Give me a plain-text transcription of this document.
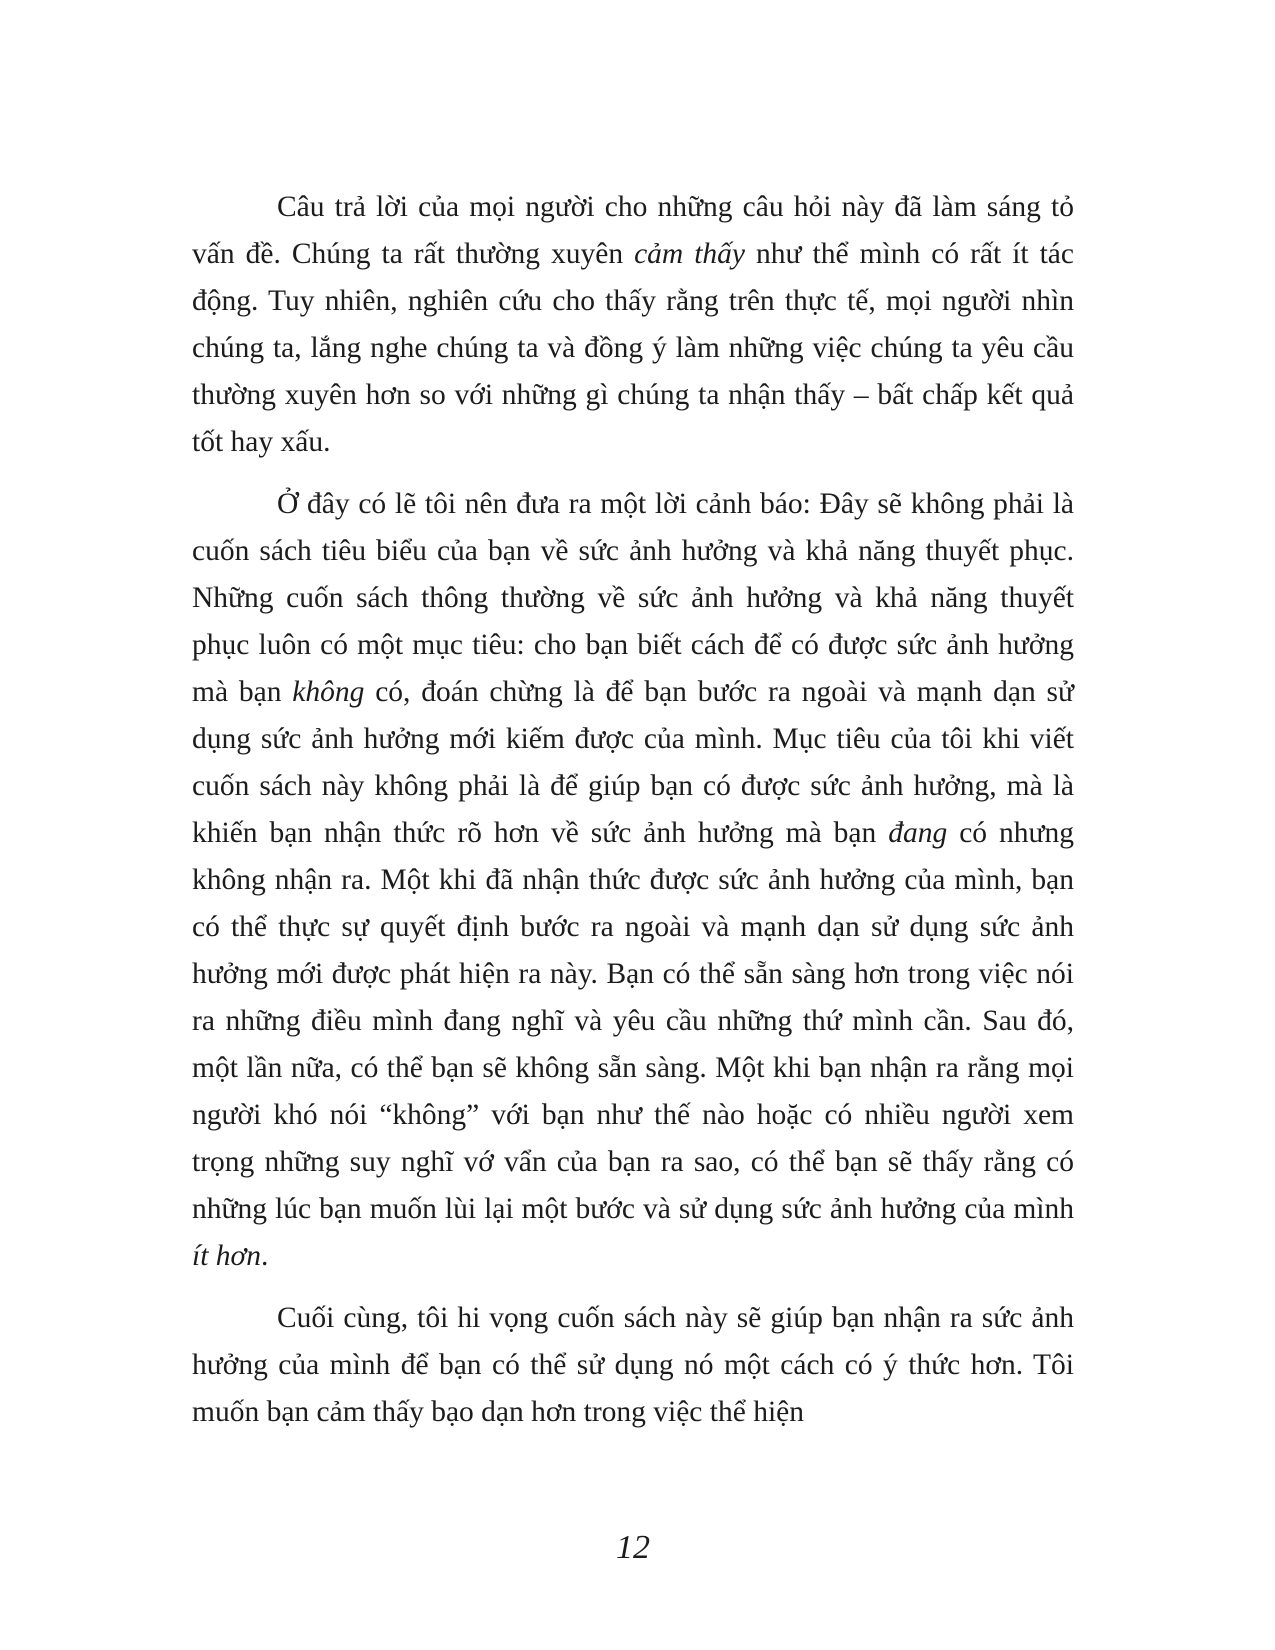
Câu trả lời của mọi người cho những câu hỏi này đã làm sáng tỏ vấn đề. Chúng ta rất thường xuyên cảm thấy như thể mình có rất ít tác động. Tuy nhiên, nghiên cứu cho thấy rằng trên thực tế, mọi người nhìn chúng ta, lắng nghe chúng ta và đồng ý làm những việc chúng ta yêu cầu thường xuyên hơn so với những gì chúng ta nhận thấy – bất chấp kết quả tốt hay xấu.

Ở đây có lẽ tôi nên đưa ra một lời cảnh báo: Đây sẽ không phải là cuốn sách tiêu biểu của bạn về sức ảnh hưởng và khả năng thuyết phục. Những cuốn sách thông thường về sức ảnh hưởng và khả năng thuyết phục luôn có một mục tiêu: cho bạn biết cách để có được sức ảnh hưởng mà bạn không có, đoán chừng là để bạn bước ra ngoài và mạnh dạn sử dụng sức ảnh hưởng mới kiếm được của mình. Mục tiêu của tôi khi viết cuốn sách này không phải là để giúp bạn có được sức ảnh hưởng, mà là khiến bạn nhận thức rõ hơn về sức ảnh hưởng mà bạn đang có nhưng không nhận ra. Một khi đã nhận thức được sức ảnh hưởng của mình, bạn có thể thực sự quyết định bước ra ngoài và mạnh dạn sử dụng sức ảnh hưởng mới được phát hiện ra này. Bạn có thể sẵn sàng hơn trong việc nói ra những điều mình đang nghĩ và yêu cầu những thứ mình cần. Sau đó, một lần nữa, có thể bạn sẽ không sẵn sàng. Một khi bạn nhận ra rằng mọi người khó nói “không” với bạn như thế nào hoặc có nhiều người xem trọng những suy nghĩ vớ vẩn của bạn ra sao, có thể bạn sẽ thấy rằng có những lúc bạn muốn lùi lại một bước và sử dụng sức ảnh hưởng của mình ít hơn.

Cuối cùng, tôi hi vọng cuốn sách này sẽ giúp bạn nhận ra sức ảnh hưởng của mình để bạn có thể sử dụng nó một cách có ý thức hơn. Tôi muốn bạn cảm thấy bạo dạn hơn trong việc thể hiện

12
